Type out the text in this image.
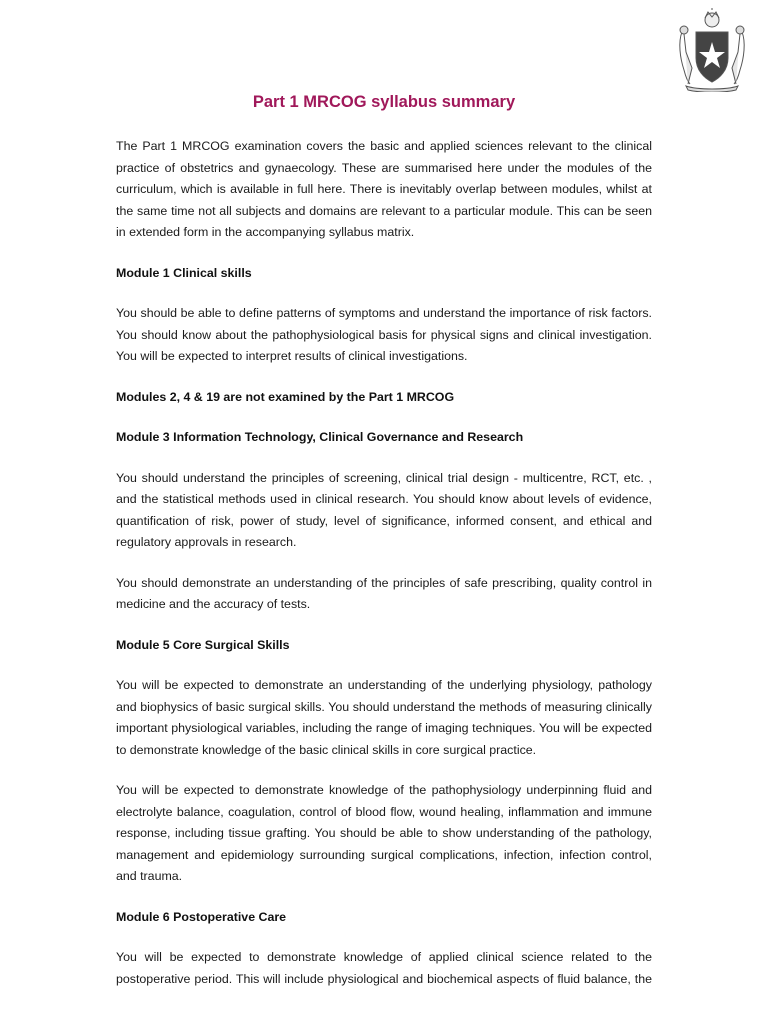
Part 1 MRCOG syllabus summary

The Part 1 MRCOG examination covers the basic and applied sciences relevant to the clinical practice of obstetrics and gynaecology. These are summarised here under the modules of the curriculum, which is available in full here. There is inevitably overlap between modules, whilst at the same time not all subjects and domains are relevant to a particular module. This can be seen in extended form in the accompanying syllabus matrix.

Module 1 Clinical skills

You should be able to define patterns of symptoms and understand the importance of risk factors. You should know about the pathophysiological basis for physical signs and clinical investigation. You will be expected to interpret results of clinical investigations.

Modules 2, 4 & 19 are not examined by the Part 1 MRCOG

Module 3 Information Technology, Clinical Governance and Research

You should understand the principles of screening, clinical trial design - multicentre, RCT, etc. , and the statistical methods used in clinical research. You should know about levels of evidence, quantification of risk, power of study, level of significance, informed consent, and ethical and regulatory approvals in research.

You should demonstrate an understanding of the principles of safe prescribing, quality control in medicine and the accuracy of tests.

Module 5 Core Surgical Skills

You will be expected to demonstrate an understanding of the underlying physiology, pathology and biophysics of basic surgical skills. You should understand the methods of measuring clinically important physiological variables, including the range of imaging techniques. You will be expected to demonstrate knowledge of the basic clinical skills in core surgical practice.

You will be expected to demonstrate knowledge of the pathophysiology underpinning fluid and electrolyte balance, coagulation, control of blood flow, wound healing, inflammation and immune response, including tissue grafting. You should be able to show understanding of the pathology, management and epidemiology surrounding surgical complications, infection, infection control, and trauma.

Module 6 Postoperative Care

You will be expected to demonstrate knowledge of applied clinical science related to the postoperative period. This will include physiological and biochemical aspects of fluid balance, the
